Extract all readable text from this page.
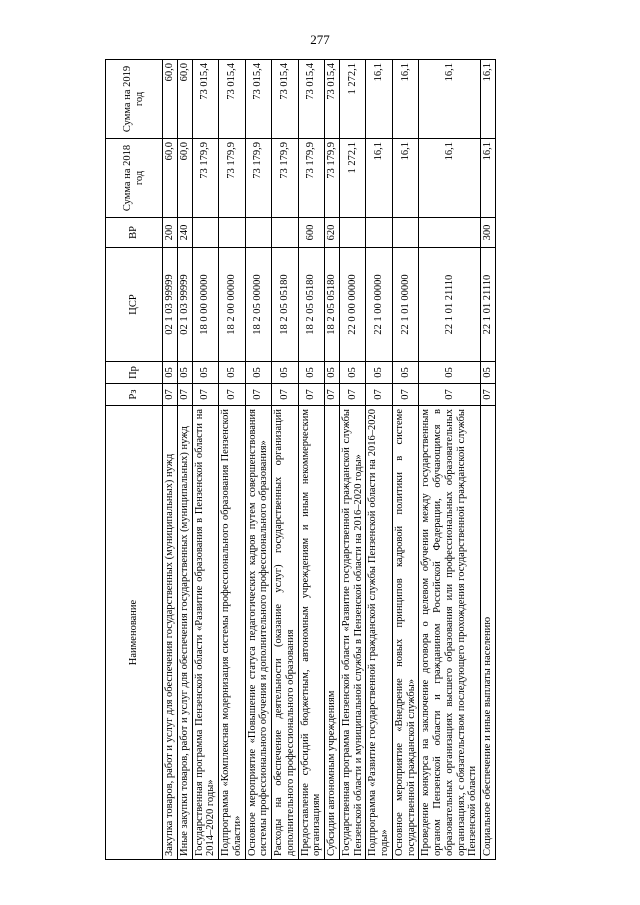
277
Наименование	Рз	Пр	ЦСР	ВР	Сумма на 2018 год	Сумма на 2019 год
Закупка товаров, работ и услуг для обеспечения государственных (муниципальных) нужд	07	05	02 1 03 99999	200	60,0	60,0
Иные закупки товаров, работ и услуг для обеспечения государственных (муниципальных) нужд	07	05	02 1 03 99999	240	60,0	60,0
Государственная программа Пензенской области «Развитие образования в Пензенской области на 2014–2020 годы»	07	05	18 0 00 00000		73 179,9	73 015,4
Подпрограмма «Комплексная модернизация системы профессионального образования Пензенской области»	07	05	18 2 00 00000		73 179,9	73 015,4
Основное мероприятие «Повышение статуса педагогических кадров путем совершенствования системы профессионального обучения и дополнительного профессионального образования»	07	05	18 2 05 00000		73 179,9	73 015,4
Расходы на обеспечение деятельности (оказание услуг) государственных организаций дополнительного профессионального образования	07	05	18 2 05 05180		73 179,9	73 015,4
Предоставление субсидий бюджетным, автономным учреждениям и иным некоммерческим организациям	07	05	18 2 05 05180	600	73 179,9	73 015,4
Субсидии автономным учреждениям	07	05	18 2 05 05180	620	73 179,9	73 015,4
Государственная программа Пензенской области «Развитие государственной гражданской службы Пензенской области и муниципальной службы в Пензенской области на 2016–2020 годы»	07	05	22 0 00 00000		1 272,1	1 272,1
Подпрограмма «Развитие государственной гражданской службы Пензенской области на 2016–2020 годы»	07	05	22 1 00 00000		16,1	16,1
Основное мероприятие «Внедрение новых принципов кадровой политики в системе государственной гражданской службы»	07	05	22 1 01 00000		16,1	16,1
Проведение конкурса на заключение договора о целевом обучении между государственным органом Пензенской области и гражданином Российской Федерации, обучающимся в образовательных организациях высшего образования или профессиональных образовательных организациях, с обязательством последующего прохождения государственной гражданской службы Пензенской области	07	05	22 1 01 21110		16,1	16,1
Социальное обеспечение и иные выплаты населению	07	05	22 1 01 21110	300	16,1	16,1
